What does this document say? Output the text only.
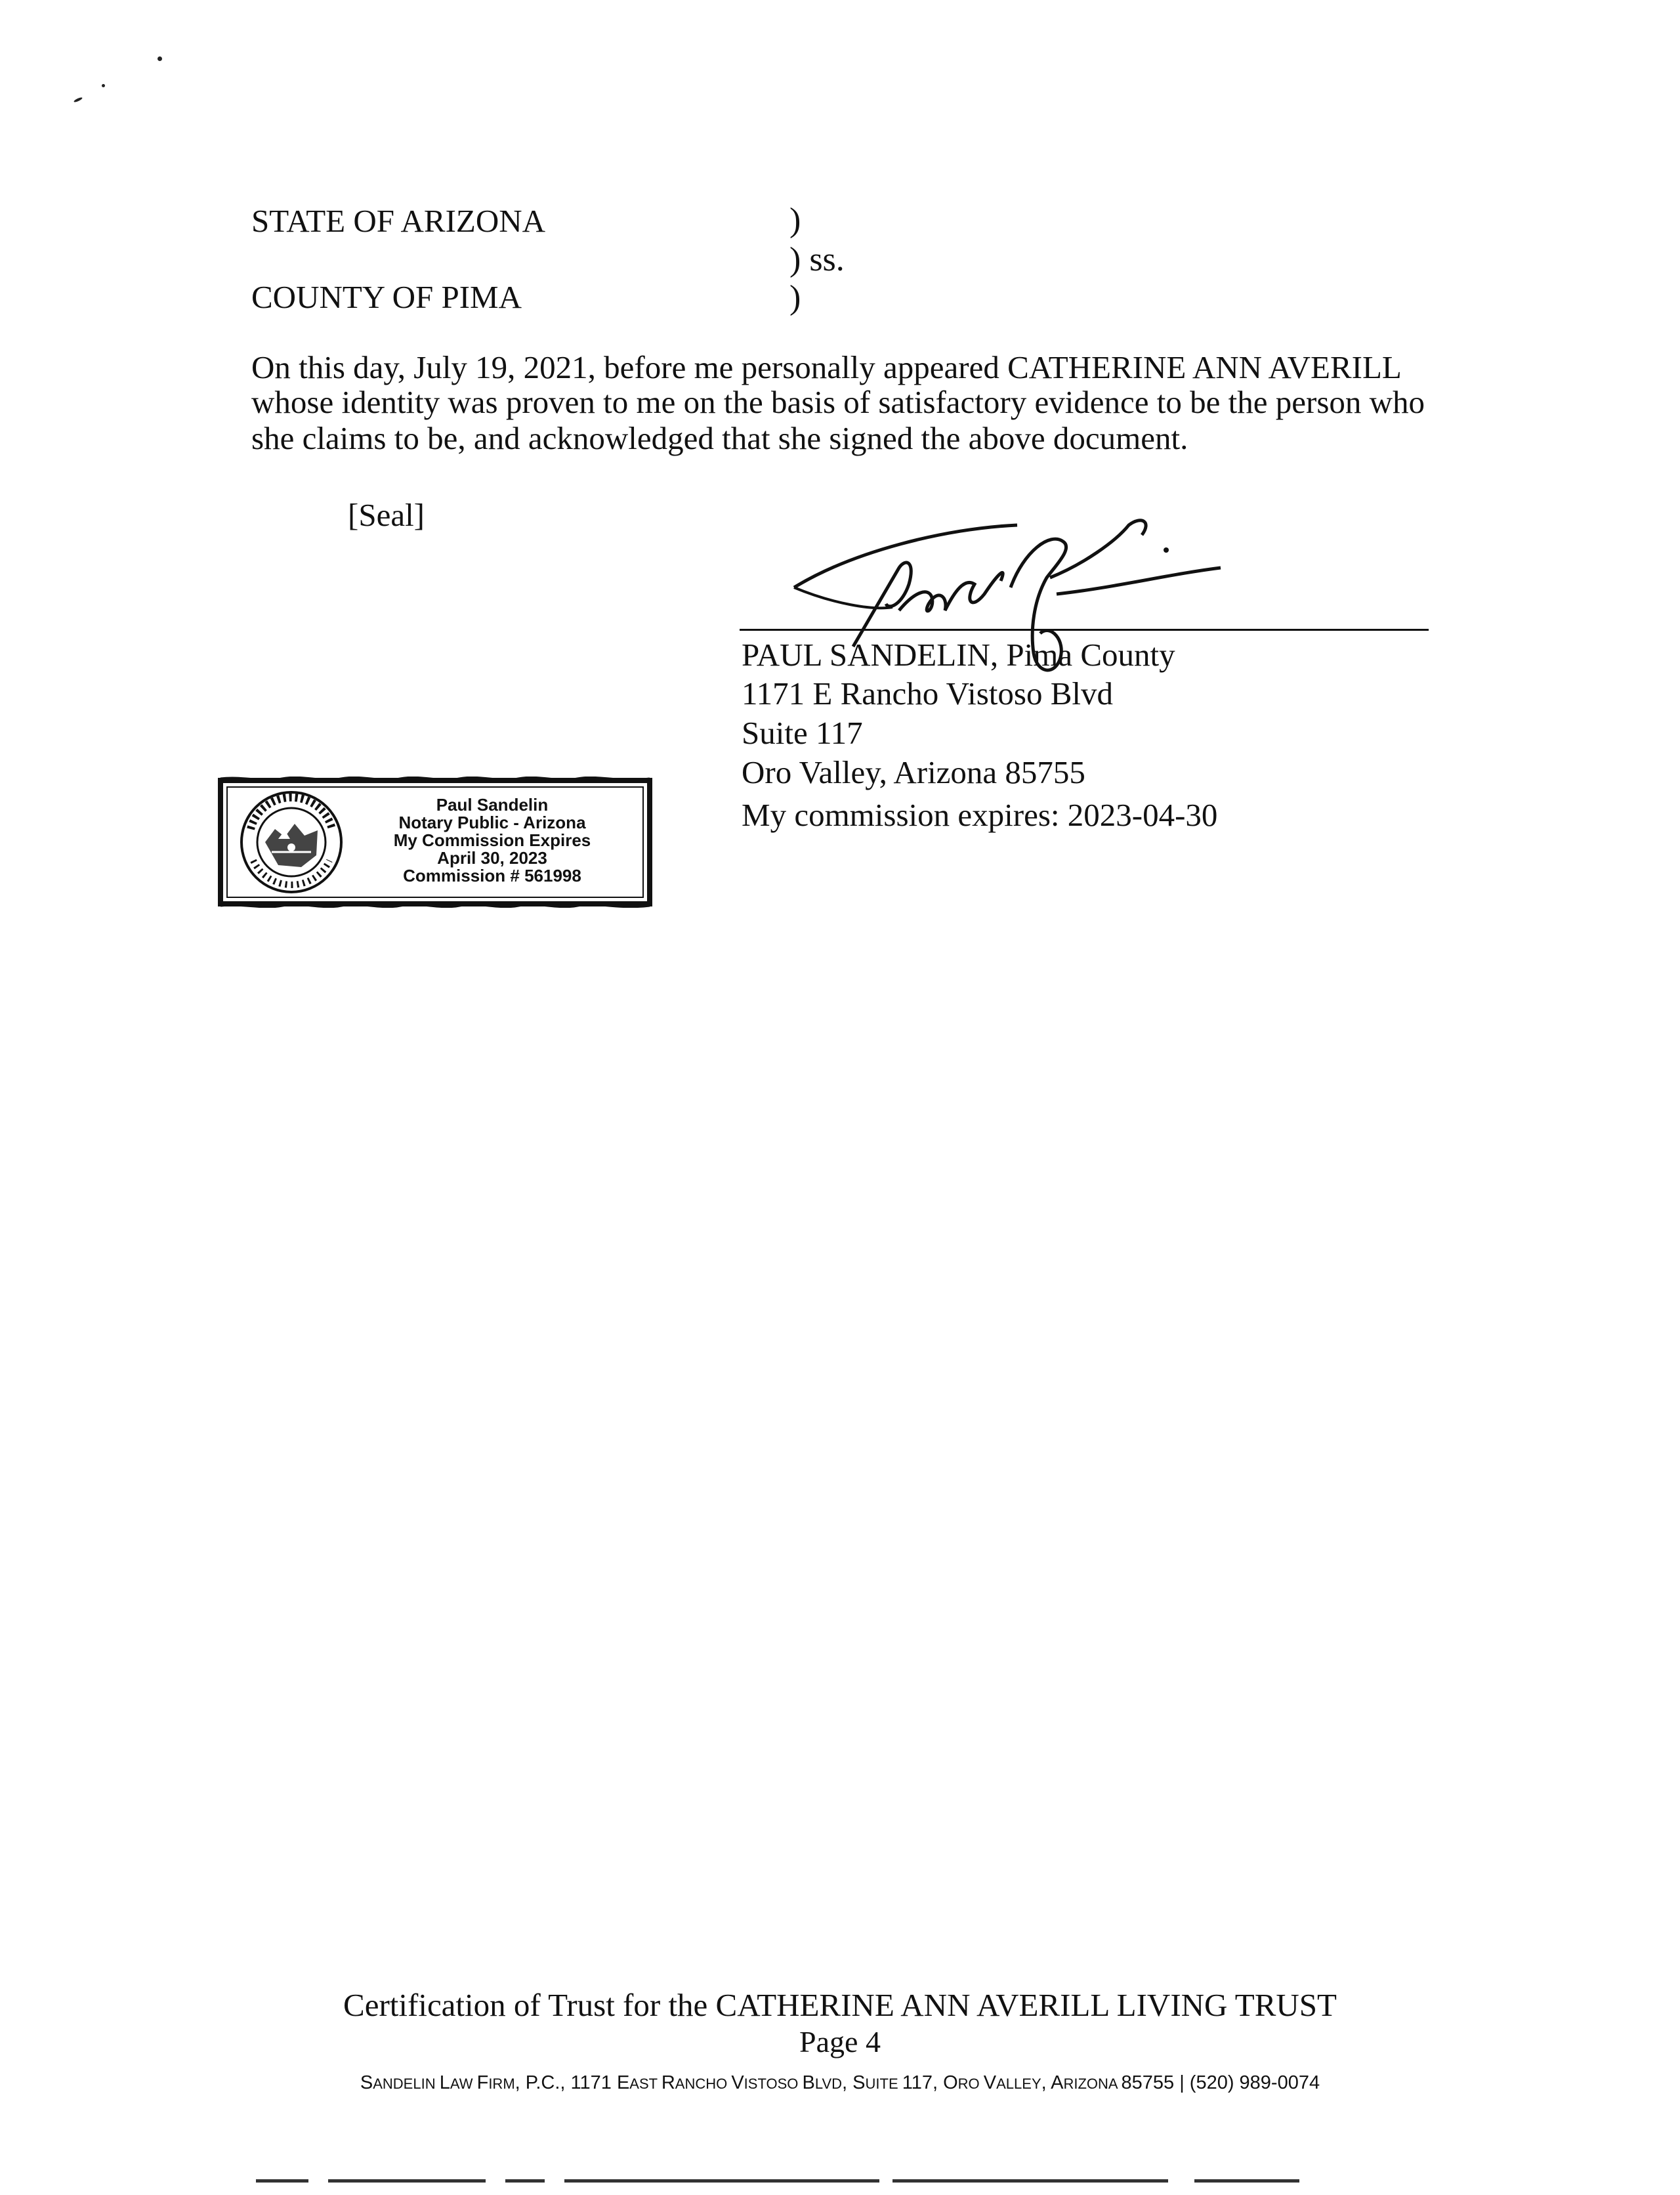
STATE OF ARIZONA	)
) ss.
COUNTY OF PIMA	)
On this day, July 19, 2021, before me personally appeared CATHERINE ANN AVERILL
whose identity was proven to me on the basis of satisfactory evidence to be the person who
she claims to be, and acknowledged that she signed the above document.
[Seal]
PAUL SANDELIN, Pima County
1171 E Rancho Vistoso Blvd
Suite 117
Oro Valley, Arizona 85755
My commission expires: 2023-04-30
Paul Sandelin
Notary Public - Arizona
My Commission Expires
April 30, 2023
Commission # 561998
Certification of Trust for the CATHERINE ANN AVERILL LIVING TRUST
Page 4
SANDELIN LAW FIRM, P.C., 1171 EAST RANCHO VISTOSO BLVD, SUITE 117, ORO VALLEY, ARIZONA 85755 | (520) 989-0074
